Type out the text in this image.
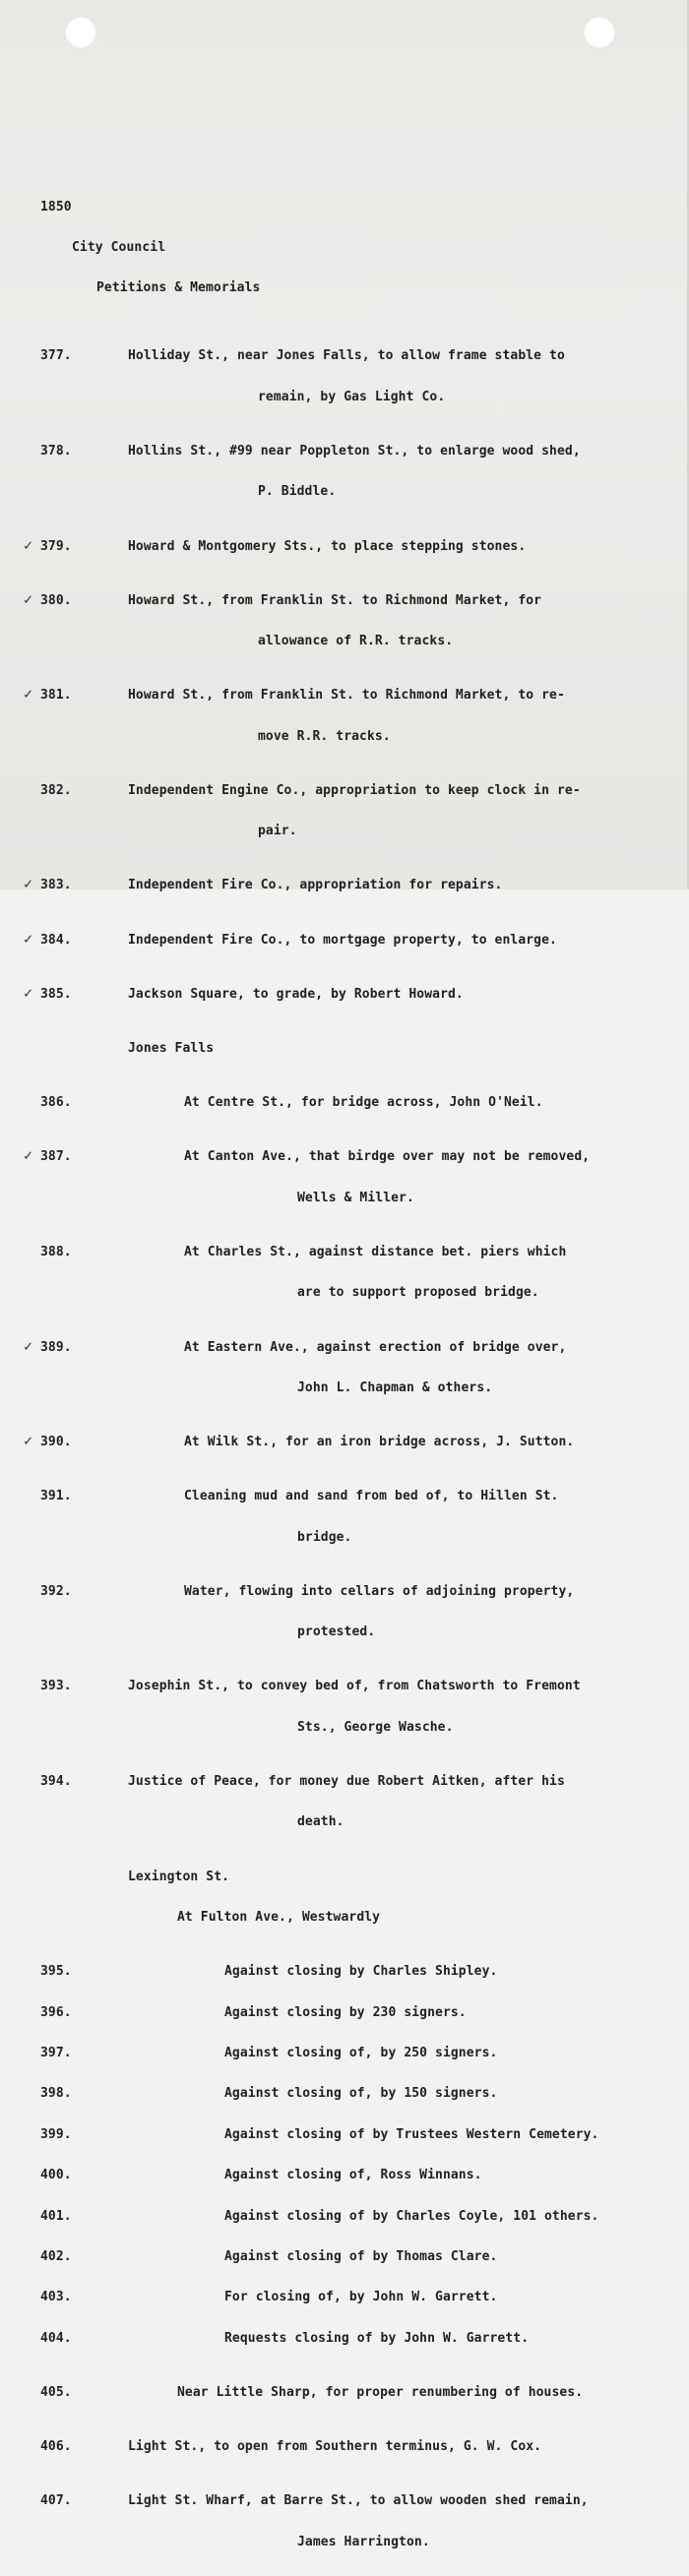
1850

City Council

Petitions & Memorials

377.	Holliday St., near Jones Falls, to allow frame stable to

remain, by Gas Light Co.

378.	Hollins St., #99 near Poppleton St., to enlarge wood shed,

P. Biddle.

✓ 379.	Howard & Montgomery Sts., to place stepping stones.

✓ 380.	Howard St., from Franklin St. to Richmond Market, for

allowance of R.R. tracks.

✓ 381.	Howard St., from Franklin St. to Richmond Market, to re-

move R.R. tracks.

382.	Independent Engine Co., appropriation to keep clock in re-

pair.

✓ 383.	Independent Fire Co., appropriation for repairs.

✓ 384.	Independent Fire Co., to mortgage property, to enlarge.

✓ 385.	Jackson Square, to grade, by Robert Howard.

Jones Falls

386.	At Centre St., for bridge across, John O'Neil.

✓ 387.	At Canton Ave., that birdge over may not be removed,

Wells & Miller.

388.	At Charles St., against distance bet. piers which

are to support proposed bridge.

✓ 389.	At Eastern Ave., against erection of bridge over,

John L. Chapman & others.

✓ 390.	At Wilk St., for an iron bridge across, J. Sutton.

391.	Cleaning mud and sand from bed of, to Hillen St.

bridge.

392.	Water, flowing into cellars of adjoining property,

protested.

393.	Josephin St., to convey bed of, from Chatsworth to Fremont

Sts., George Wasche.

394.	Justice of Peace, for money due Robert Aitken, after his

death.

Lexington St.

At Fulton Ave., Westwardly

395.	Against closing by Charles Shipley.

396.	Against closing by 230 signers.

397.	Against closing of, by 250 signers.

398.	Against closing of, by 150 signers.

399.	Against closing of by Trustees Western Cemetery.

400.	Against closing of, Ross Winnans.

401.	Against closing of by Charles Coyle, 101 others.

402.	Against closing of by Thomas Clare.

403.	For closing of, by John W. Garrett.

404.	Requests closing of by John W. Garrett.

405.	Near Little Sharp, for proper renumbering of houses.

406.	Light St., to open from Southern terminus, G. W. Cox.

407.	Light St. Wharf, at Barre St., to allow wooden shed remain,

James Harrington.
